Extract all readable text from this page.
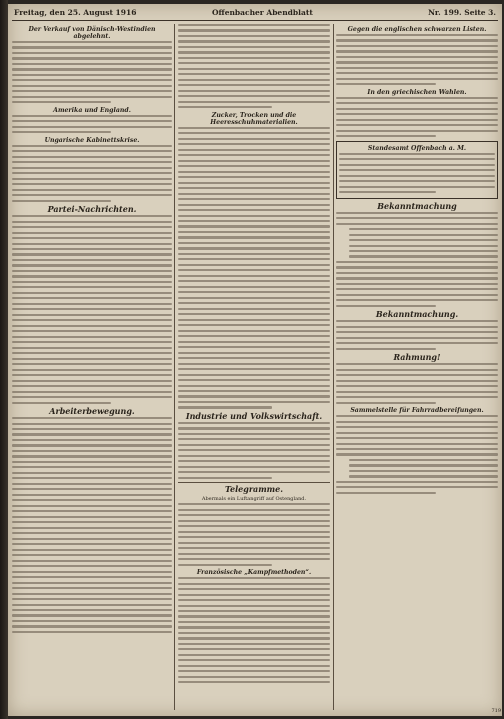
Freitag, den 25. August 1916	Offenbacher Abendblatt	Nr. 199. Seite 3.
Der Verkauf von Dänisch-Westindien abgelehnt.
Amerika und England.
Ungarische Kabinettskrise.
Partei-Nachrichten.
Arbeiterbewegung.
Zucker, Trocken und die Heeresschuhmaterialien.
Industrie und Volkswirtschaft.
Telegramme.
Abermals ein Luftangriff auf Ostengland.
Französische „Kampfmethoden“.
Gegen die englischen schwarzen Listen.
In den griechischen Wahlen.
Standesamt Offenbach a. M.
Bekanntmachung
Bekanntmachung.
Rahmung!
Sammelstelle für Fahrradbereifungen.
719
